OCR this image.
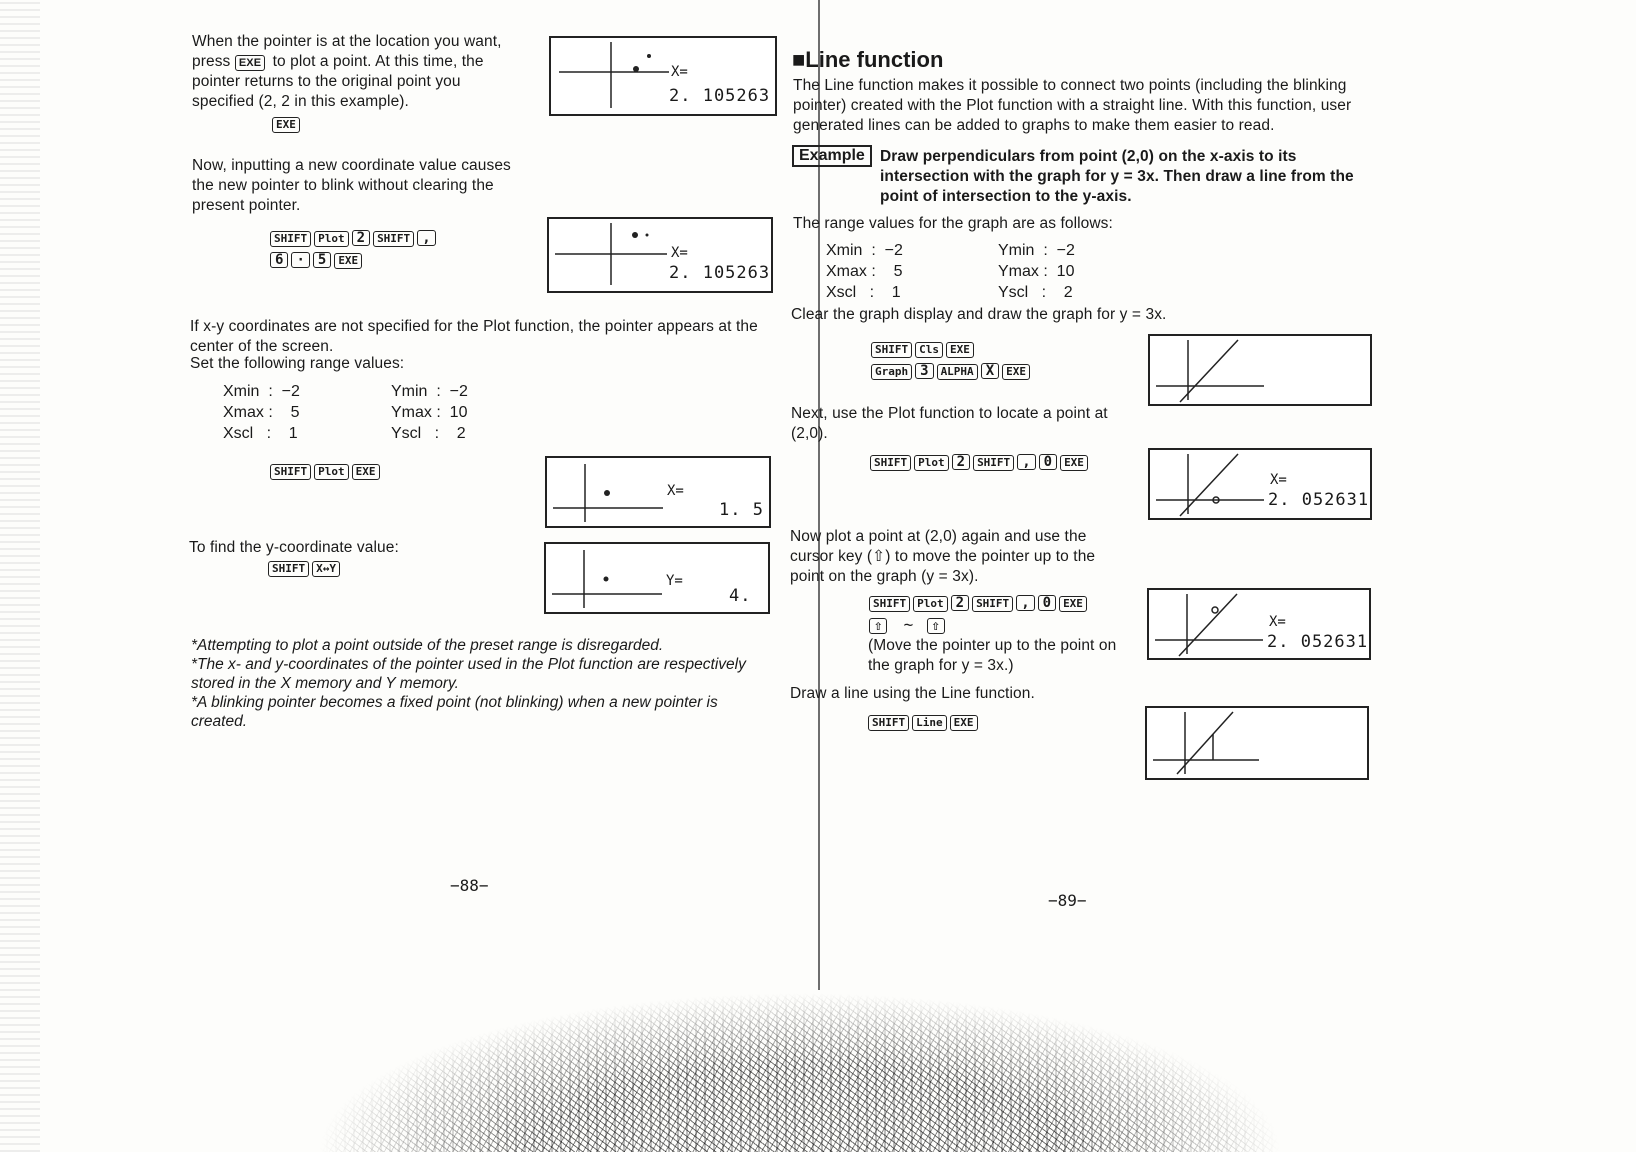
When the pointer is at the location you want, press EXE to plot a point. At this time, the pointer returns to the original point you specified (2, 2 in this example).
EXE
X=
2. 105263
Now, inputting a new coordinate value causes the new pointer to blink without clearing the present pointer.
SHIFT Plot 2 SHIFT ,
6 · 5 EXE	X=
2. 105263
If x-y coordinates are not specified for the Plot function, the pointer appears at the center of the screen.
Set the following range values:
Xmin  :  −2
Xmax :    5
Xscl   :    1
Ymin  :  −2
Ymax :  10
Yscl   :    2
SHIFT Plot EXE
X=
1. 5
To find the y-coordinate value:
SHIFT X↔Y
Y=
4.
*Attempting to plot a point outside of the preset range is disregarded.
*The x- and y-coordinates of the pointer used in the Plot function are respectively stored in the X memory and Y memory.
*A blinking pointer becomes a fixed point (not blinking) when a new pointer is created.
−88−
■Line function
The Line function makes it possible to connect two points (including the blinking pointer) created with the Plot function with a straight line. With this function, user generated lines can be added to graphs to make them easier to read.
Example Draw perpendiculars from point (2,0) on the x-axis to its intersection with the graph for y = 3x. Then draw a line from the point of intersection to the y-axis.
The range values for the graph are as follows:
Xmin  :  −2
Xmax :    5
Xscl   :    1
Ymin  :  −2
Ymax :  10
Yscl   :    2
Clear the graph display and draw the graph for y = 3x.
SHIFT Cls EXE
Graph 3 ALPHA X EXE
Next, use the Plot function to locate a point at (2,0).
SHIFT Plot 2 SHIFT , 0 EXE
X=
2. 052631
Now plot a point at (2,0) again and use the cursor key (⇧) to move the pointer up to the point on the graph (y = 3x).
SHIFT Plot 2 SHIFT , 0 EXE
⇧ ~ ⇧
(Move the pointer up to the point on the graph for y = 3x.)
X=
2. 052631
Draw a line using the Line function.
SHIFT Line EXE
−89−
